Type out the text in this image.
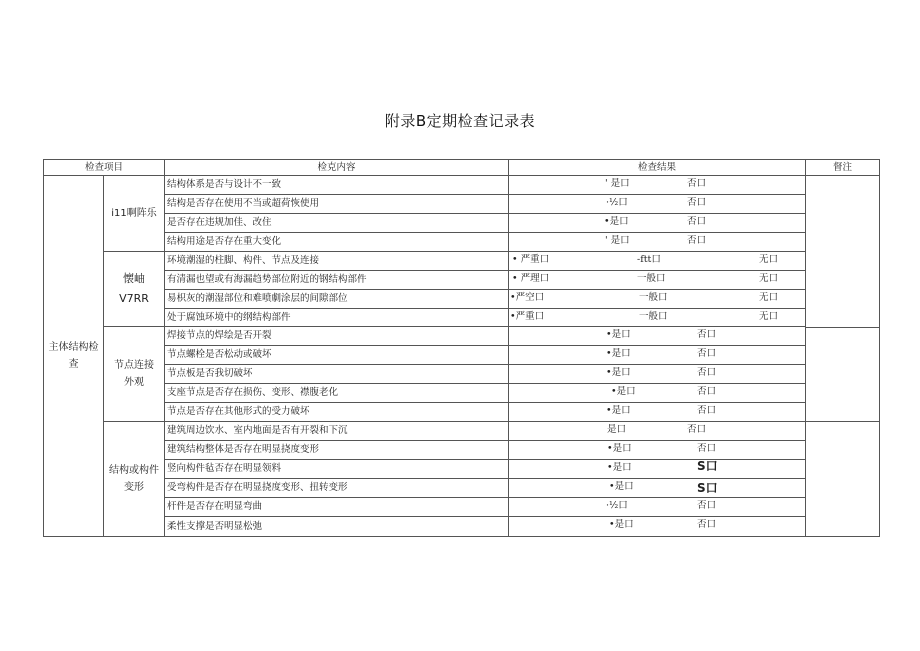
附录B定期检查记录表
检查项目	检克内容	检查结果	督注
主体结构检查
i11啊阵乐
结构体系是否与设计不一致	' 是口	否口
结构是否存在使用不当或超荷恢使用	·½口	否口
是否存在违规加佳、改住	•是口	否口
结构用途是否存在重大变化	' 是口	否口
懐岫 V7RR
环境潮湿的柱脚、构件、节点及连接	• 严重口	-ftt口	无口
有清漏也望或有海漏趋势部位附近的钢结构部件	• 严理口	一般口	无口
易枳灰的潮湿部位和难喷劇涂层的间隙部位	•严空口	一般口	无口
处于腐蚀环境中的纲结构部件	•严重口	一般口	无口
节点连接外观
焊接节点的焊绘是否开裂	•是口	否口
节点螺栓是否松动或破坏	•是口	否口
节点板是否我切破坏	•是口	否口
支座节点是否存在损伤、变形、襟腹老化	•是口	否口
节点是否存在其他形式的受力破坏	•是口	否口
结构或构件变形
建筑周边饮水、室内地面是否有开裂和下沉	是口	否口
建筑结构整体是否存在明显挠度变形	•是口	否口
竖向构件毡否存在明显领料	•是口	S口
受弯构件是否存在明显挠度变形、扭转变形	•是口	S口
杆件是否存在明显弯曲	·½口	否口
柔性支撑是否明显松弛	•是口	否口
